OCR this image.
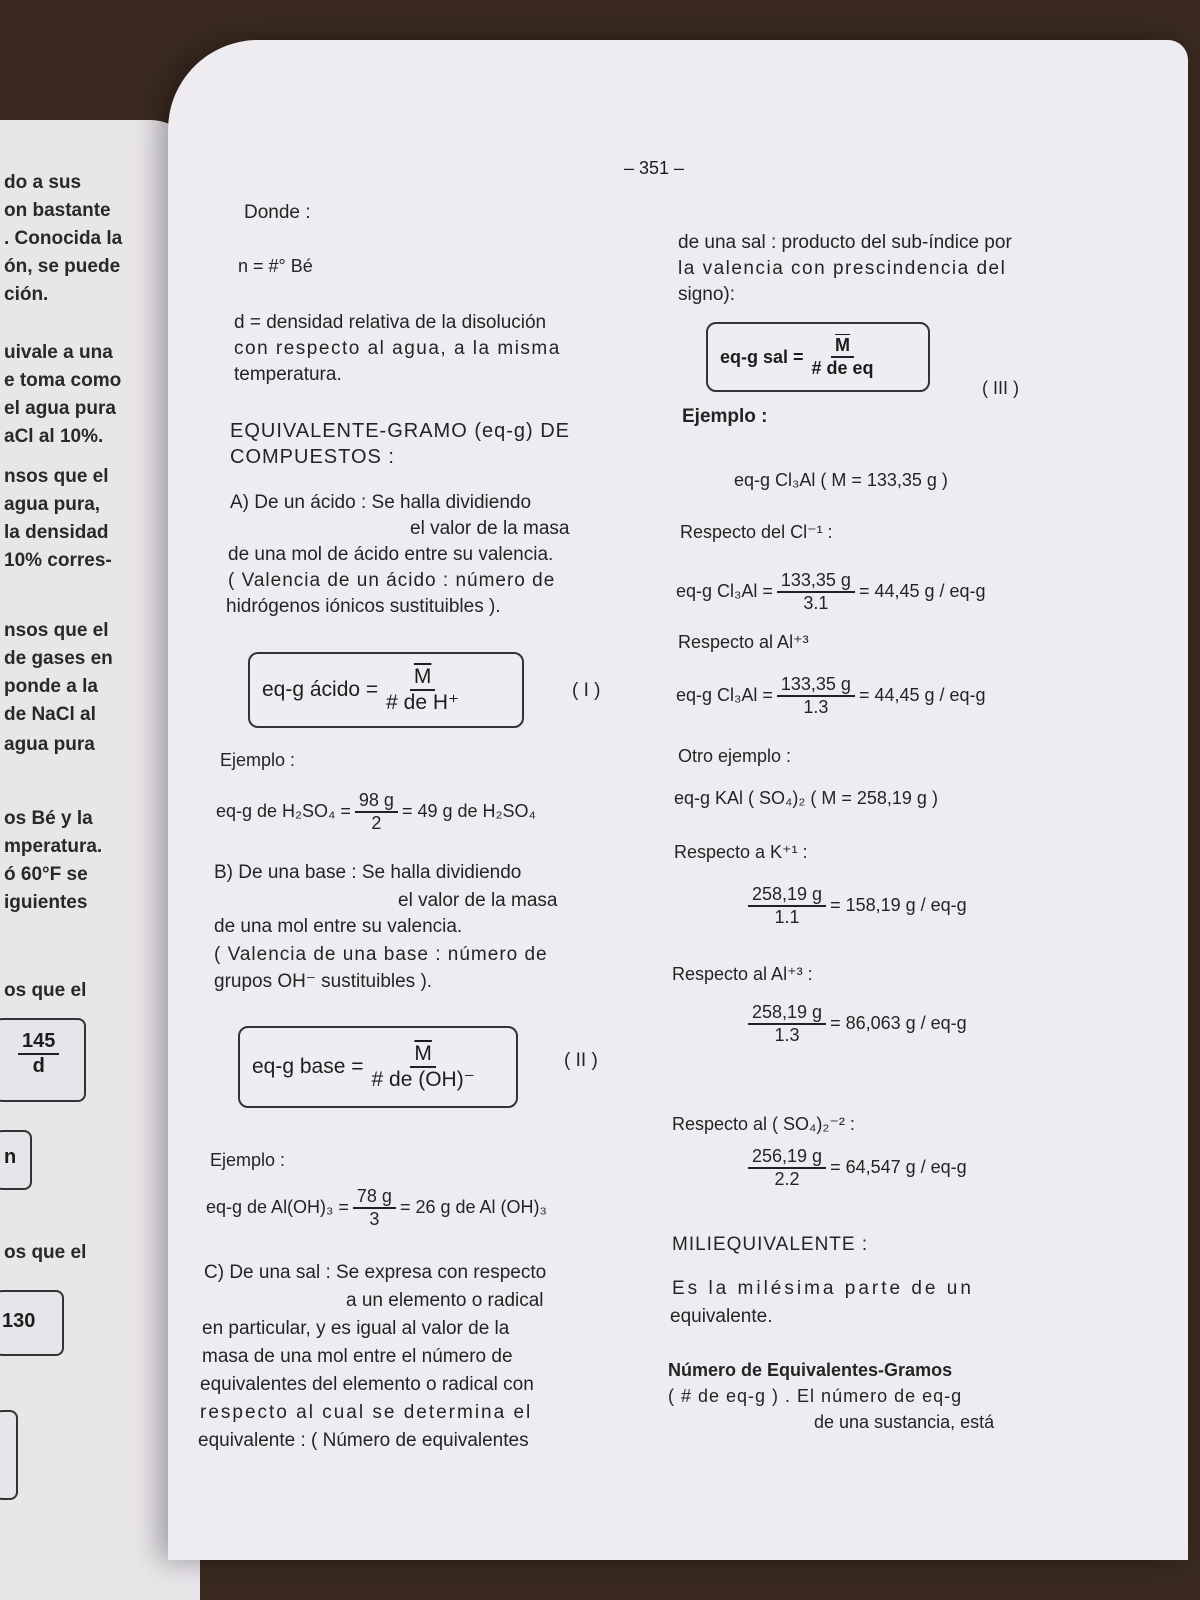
do a sus
on bastante
. Conocida la
ón, se puede
ción.
uivale a una
e toma como
el agua pura
aCl al 10%.
nsos que el
agua pura,
la densidad
10% corres-
nsos que el
de gases en
ponde a la
de NaCl al
agua pura
os Bé y la
mperatura.
ó 60°F se
iguientes
os que el
$\frac{145}{d}$
n
os que el
130
– 351 –
Donde :
n = #° Bé
d = densidad relativa de la disolución
con respecto al agua, a la misma
temperatura.
EQUIVALENTE-GRAMO (eq-g) DE
COMPUESTOS :
A) De un ácido : Se halla dividiendo
el valor de la masa
de una mol de ácido entre su valencia.
( Valencia de un ácido : número de
hidrógenos iónicos sustituibles ).
eq-g ácido = $\frac{\overline{M}}{\text{\# de H⁺}}$	( I )
Ejemplo :
eq-g de $H_2SO_4 = \frac{98 g}{2} = 49$ g de H₂SO₄
B) De una base : Se halla dividiendo
el valor de la masa
de una mol entre su valencia.
( Valencia de una base : número de
grupos OH⁻ sustituibles ).
eq-g base = $\frac{\overline{M}}{\# de (OH)^-}$	( II )
Ejemplo :
eq-g de $Al(OH)_3 = \frac{78 g}{3} = 26$ g de Al (OH)₃
C) De una sal : Se expresa con respecto
a un elemento o radical
en particular, y es igual al valor de la
masa de una mol entre el número de
equivalentes del elemento o radical con
respecto al cual se determina el
equivalente : ( Número de equivalentes
de una sal : producto del sub-índice por
la valencia con prescindencia del
signo):
eq-g sal = $\frac{\overline{M}}{\text{\# de eq}}$
( III )
Ejemplo :
eq-g Cl₃Al ( M = 133,35 g )
Respecto del Cl⁻¹ :
eq-g $Cl_3Al = \frac{133,35 g}{3.1} = 44,45$ g / eq-g
Respecto al Al⁺³
eq-g $Cl_3Al = \frac{133,35 g}{1.3} = 44,45$ g / eq-g
Otro ejemplo :
eq-g KAl ( SO₄)₂ ( M = 258,19 g )
Respecto a K⁺¹ :
$\frac{258,19 g}{1.1} = 158,19$ g / eq-g
Respecto al Al⁺³ :
$\frac{258,19 g}{1.3} = 86,063$ g / eq-g
Respecto al ( SO₄)₂⁻² :
$\frac{256,19 g}{2.2} = 64,547$ g / eq-g
MILIEQUIVALENTE :
Es la milésima parte de un
equivalente.
Número de Equivalentes-Gramos
( # de eq-g ) . El número de eq-g
de una sustancia, está
